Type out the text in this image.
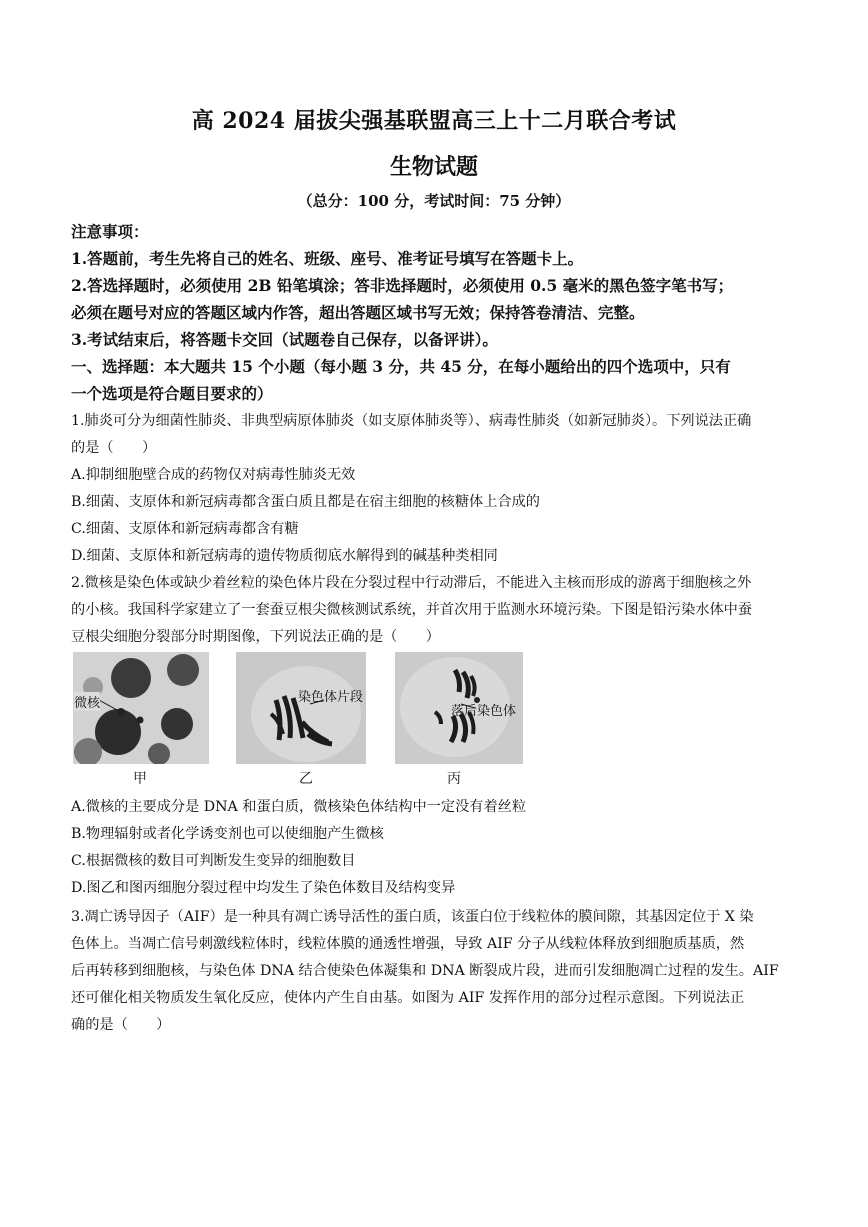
高 2024 届拔尖强基联盟高三上十二月联合考试
生物试题
（总分：100 分，考试时间：75 分钟）
注意事项：
1.答题前，考生先将自己的姓名、班级、座号、准考证号填写在答题卡上。
2.答选择题时，必须使用 2B 铅笔填涂；答非选择题时，必须使用 0.5 毫米的黑色签字笔书写；
必须在题号对应的答题区域内作答，超出答题区域书写无效；保持答卷清洁、完整。
3.考试结束后，将答题卡交回（试题卷自己保存，以备评讲）。
一、选择题：本大题共 15 个小题（每小题 3 分，共 45 分，在每小题给出的四个选项中，只有
一个选项是符合题目要求的）
1.肺炎可分为细菌性肺炎、非典型病原体肺炎（如支原体肺炎等）、病毒性肺炎（如新冠肺炎）。下列说法正确
的是（　　）
A.抑制细胞壁合成的药物仅对病毒性肺炎无效
B.细菌、支原体和新冠病毒都含蛋白质且都是在宿主细胞的核糖体上合成的
C.细菌、支原体和新冠病毒都含有糖
D.细菌、支原体和新冠病毒的遗传物质彻底水解得到的碱基种类相同
2.微核是染色体或缺少着丝粒的染色体片段在分裂过程中行动滞后，不能进入主核而形成的游离于细胞核之外
的小核。我国科学家建立了一套蚕豆根尖微核测试系统，并首次用于监测水环境污染。下图是铅污染水体中蚕
豆根尖细胞分裂部分时期图像，下列说法正确的是（　　）
微核	染色体片段
落后染色体
甲	乙	丙
A.微核的主要成分是 DNA 和蛋白质，微核染色体结构中一定没有着丝粒
B.物理辐射或者化学诱变剂也可以使细胞产生微核
C.根据微核的数目可判断发生变异的细胞数目
D.图乙和图丙细胞分裂过程中均发生了染色体数目及结构变异
3.凋亡诱导因子（AIF）是一种具有凋亡诱导活性的蛋白质，该蛋白位于线粒体的膜间隙，其基因定位于 X 染
色体上。当凋亡信号刺激线粒体时，线粒体膜的通透性增强，导致 AIF 分子从线粒体释放到细胞质基质，然
后再转移到细胞核，与染色体 DNA 结合使染色体凝集和 DNA 断裂成片段，进而引发细胞凋亡过程的发生。AIF
还可催化相关物质发生氧化反应，使体内产生自由基。如图为 AIF 发挥作用的部分过程示意图。下列说法正
确的是（　　）
